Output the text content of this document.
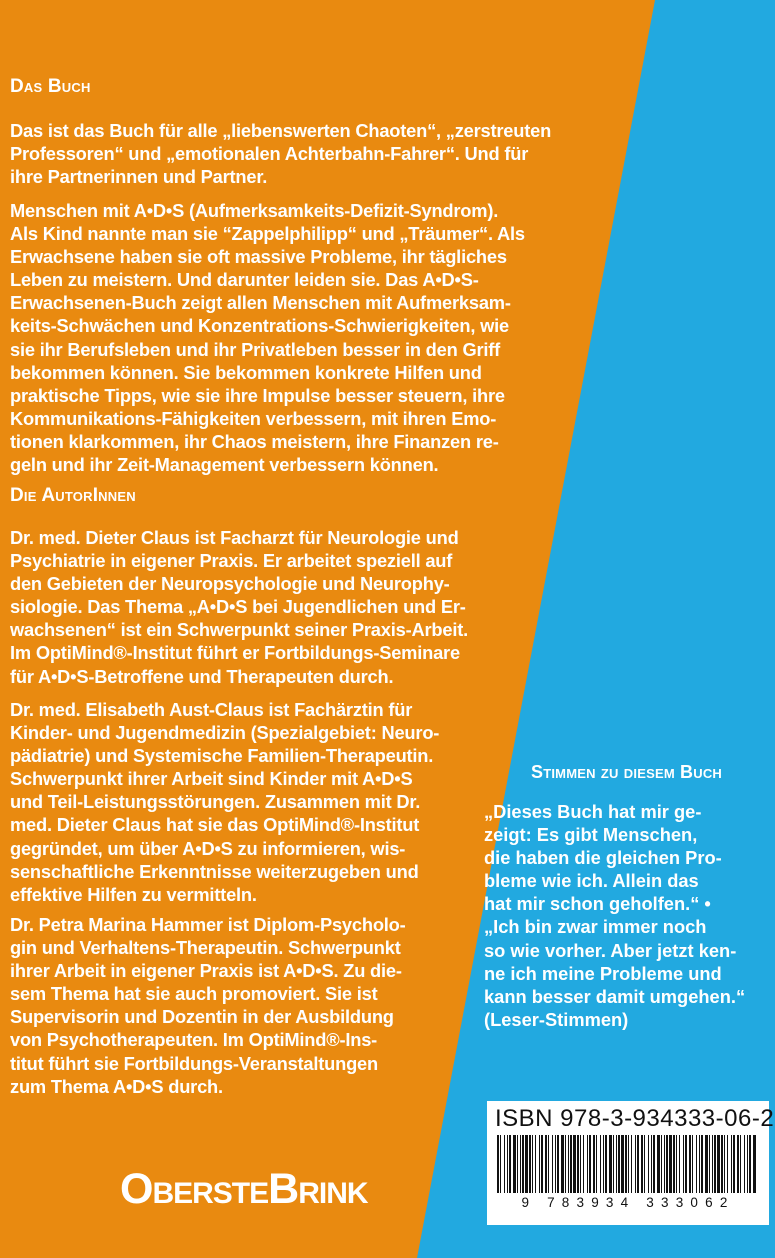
Das Buch
Das ist das Buch für alle „liebenswerten Chaoten“, „zerstreuten
Professoren“ und „emotionalen Achterbahn-Fahrer“. Und für
ihre Partnerinnen und Partner.
Menschen mit A•D•S (Aufmerksamkeits-Defizit-Syndrom).
Als Kind nannte man sie “Zappelphilipp“ und „Träumer“. Als
Erwachsene haben sie oft massive Probleme, ihr tägliches
Leben zu meistern. Und darunter leiden sie. Das A•D•S-
Erwachsenen-Buch zeigt allen Menschen mit Aufmerksam-
keits-Schwächen und Konzentrations-Schwierigkeiten, wie
sie ihr Berufsleben und ihr Privatleben besser in den Griff
bekommen können. Sie bekommen konkrete Hilfen und
praktische Tipps, wie sie ihre Impulse besser steuern, ihre
Kommunikations-Fähigkeiten verbessern, mit ihren Emo-
tionen klarkommen, ihr Chaos meistern, ihre Finanzen re-
geln und ihr Zeit-Management verbessern können.
Die AutorInnen
Dr. med. Dieter Claus ist Facharzt für Neurologie und
Psychiatrie in eigener Praxis. Er arbeitet speziell auf
den Gebieten der Neuropsychologie und Neurophy-
siologie. Das Thema „A•D•S bei Jugendlichen und Er-
wachsenen“ ist ein Schwerpunkt seiner Praxis-Arbeit.
Im OptiMind®-Institut führt er Fortbildungs-Seminare
für A•D•S-Betroffene und Therapeuten durch.
Dr. med. Elisabeth Aust-Claus ist Fachärztin für
Kinder- und Jugendmedizin (Spezialgebiet: Neuro-
pädiatrie) und Systemische Familien-Therapeutin.
Schwerpunkt ihrer Arbeit sind Kinder mit A•D•S
und Teil-Leistungsstörungen. Zusammen mit Dr.
med. Dieter Claus hat sie das OptiMind®-Institut
gegründet, um über A•D•S zu informieren, wis-
senschaftliche Erkenntnisse weiterzugeben und
effektive Hilfen zu vermitteln.
Dr. Petra Marina Hammer ist Diplom-Psycholo-
gin und Verhaltens-Therapeutin. Schwerpunkt
ihrer Arbeit in eigener Praxis ist A•D•S. Zu die-
sem Thema hat sie auch promoviert. Sie ist
Supervisorin und Dozentin in der Ausbildung
von Psychotherapeuten. Im OptiMind®-Ins-
titut führt sie Fortbildungs-Veranstaltungen
zum Thema A•D•S durch.
Stimmen zu diesem Buch
„Dieses Buch hat mir ge-
zeigt: Es gibt Menschen,
die haben die gleichen Pro-
bleme wie ich. Allein das
hat mir schon geholfen.“ •
„Ich bin zwar immer noch
so wie vorher. Aber jetzt ken-
ne ich meine Probleme und
kann besser damit umgehen.“
(Leser-Stimmen)
ISBN 978-3-934333-06-2
9 783934 333062
ObersteBrink
